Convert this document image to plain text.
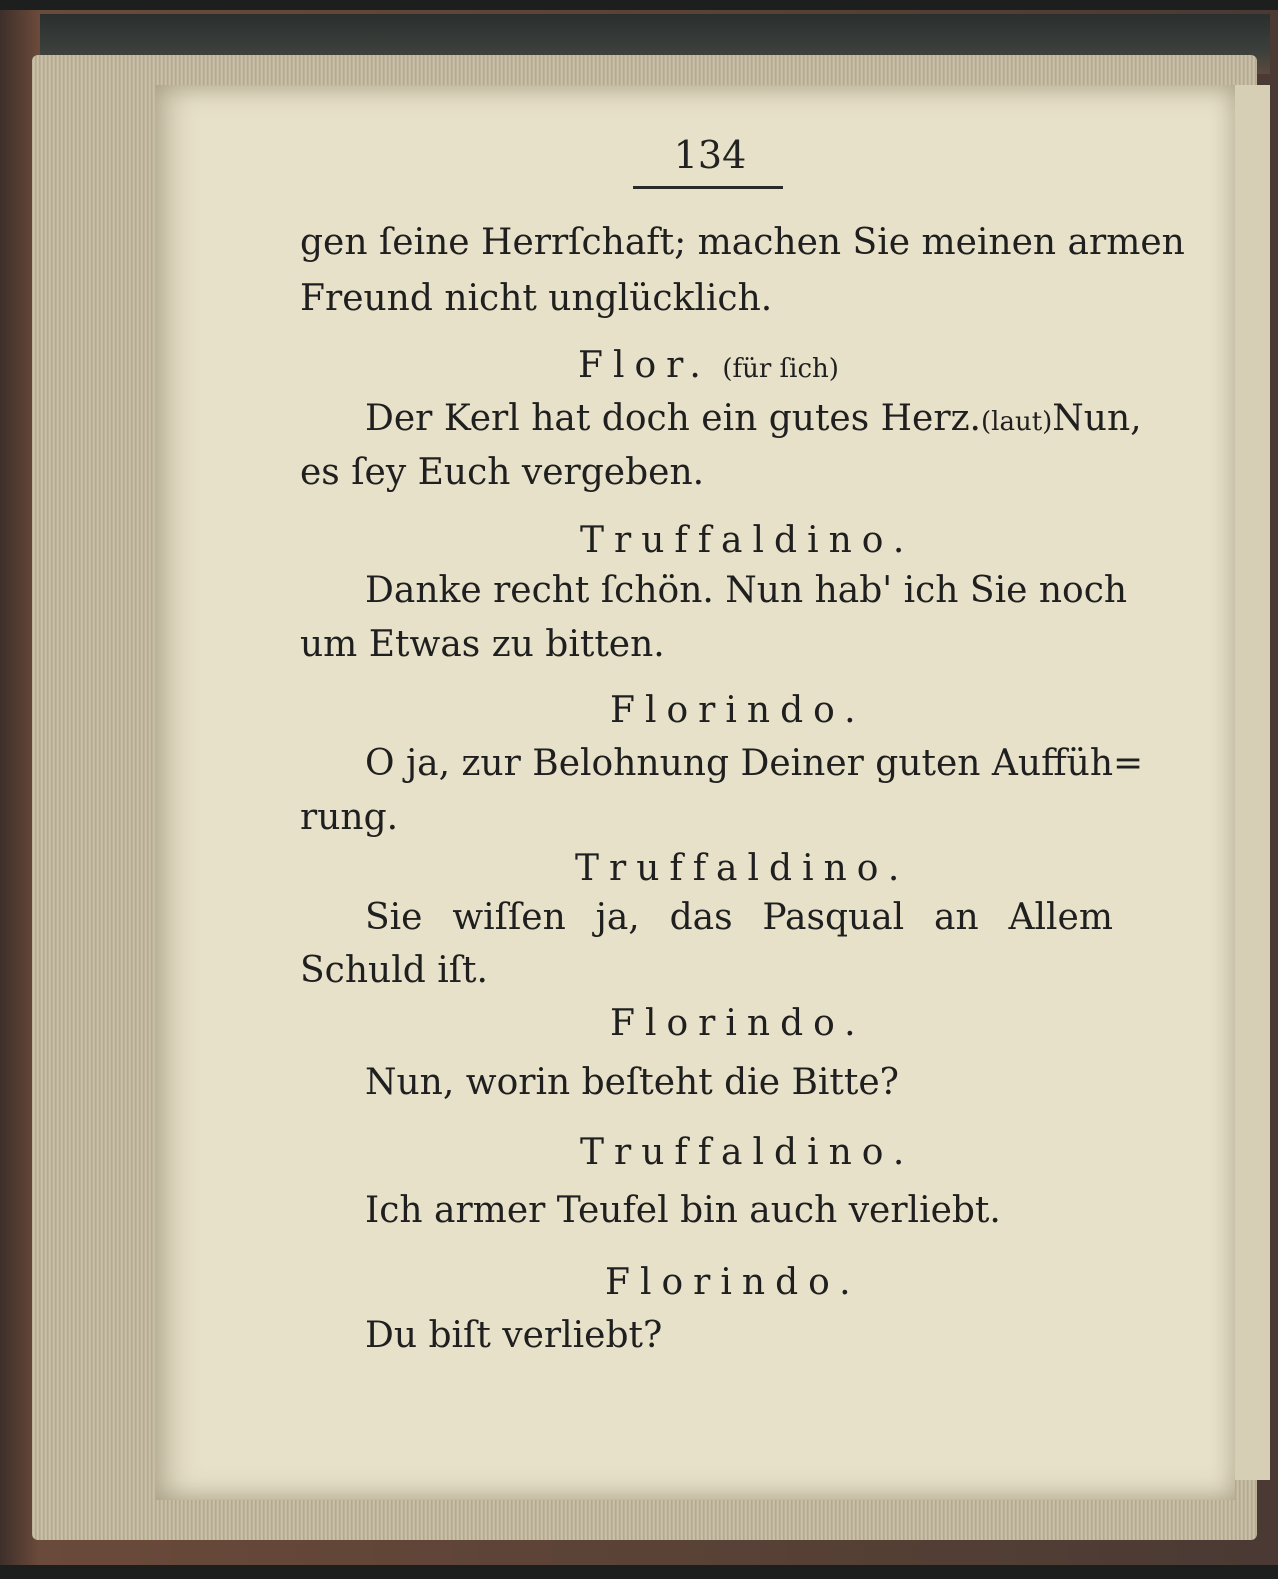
134
gen ſeine Herrſchaft; machen Sie meinen armen
Freund nicht unglücklich.
Flor. (für ſich)
Der Kerl hat doch ein gutes Herz. (laut) Nun,
es ſey Euch vergeben.
Truffaldino.
Danke recht ſchön. Nun hab' ich Sie noch
um Etwas zu bitten.
Florindo.
O ja, zur Belohnung Deiner guten Auffüh=
rung.
Truffaldino.
Sie wiſſen ja, das Pasqual an Allem
Schuld iſt.
Florindo.
Nun, worin beſteht die Bitte?
Truffaldino.
Ich armer Teufel bin auch verliebt.
Florindo.
Du biſt verliebt?
